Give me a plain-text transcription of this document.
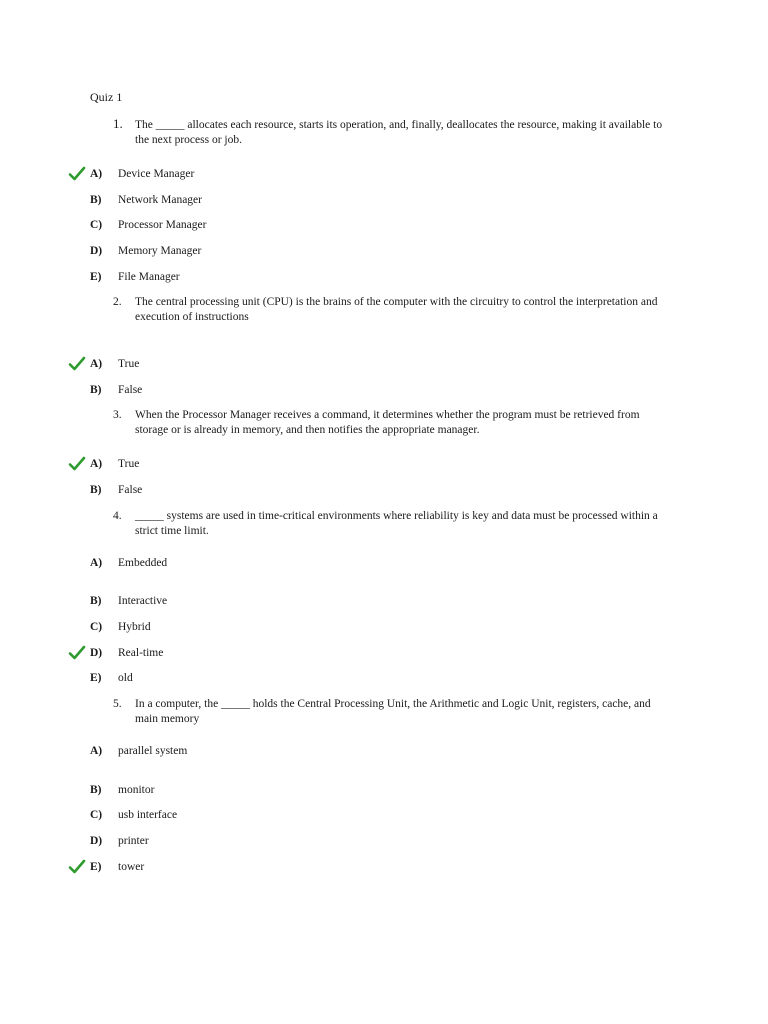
Quiz 1
1.	The _____ allocates each resource, starts its operation, and, finally, deallocates the resource, making it available to the next process or job.
A) Device Manager
B) Network Manager
C) Processor Manager
D) Memory Manager
E) File Manager
2.	The central processing unit (CPU) is the brains of the computer with the circuitry to control the interpretation and execution of instructions
A) True
B) False
3.	When the Processor Manager receives a command, it determines whether the program must be retrieved from storage or is already in memory, and then notifies the appropriate manager.
A) True
B) False
4.	_____ systems are used in time-critical environments where reliability is key and data must be processed within a strict time limit.
A) Embedded
B) Interactive
C) Hybrid
D) Real-time
E) old
5.	In a computer, the _____ holds the Central Processing Unit, the Arithmetic and Logic Unit, registers, cache, and main memory
A) parallel system
B) monitor
C) usb interface
D) printer
E) tower
